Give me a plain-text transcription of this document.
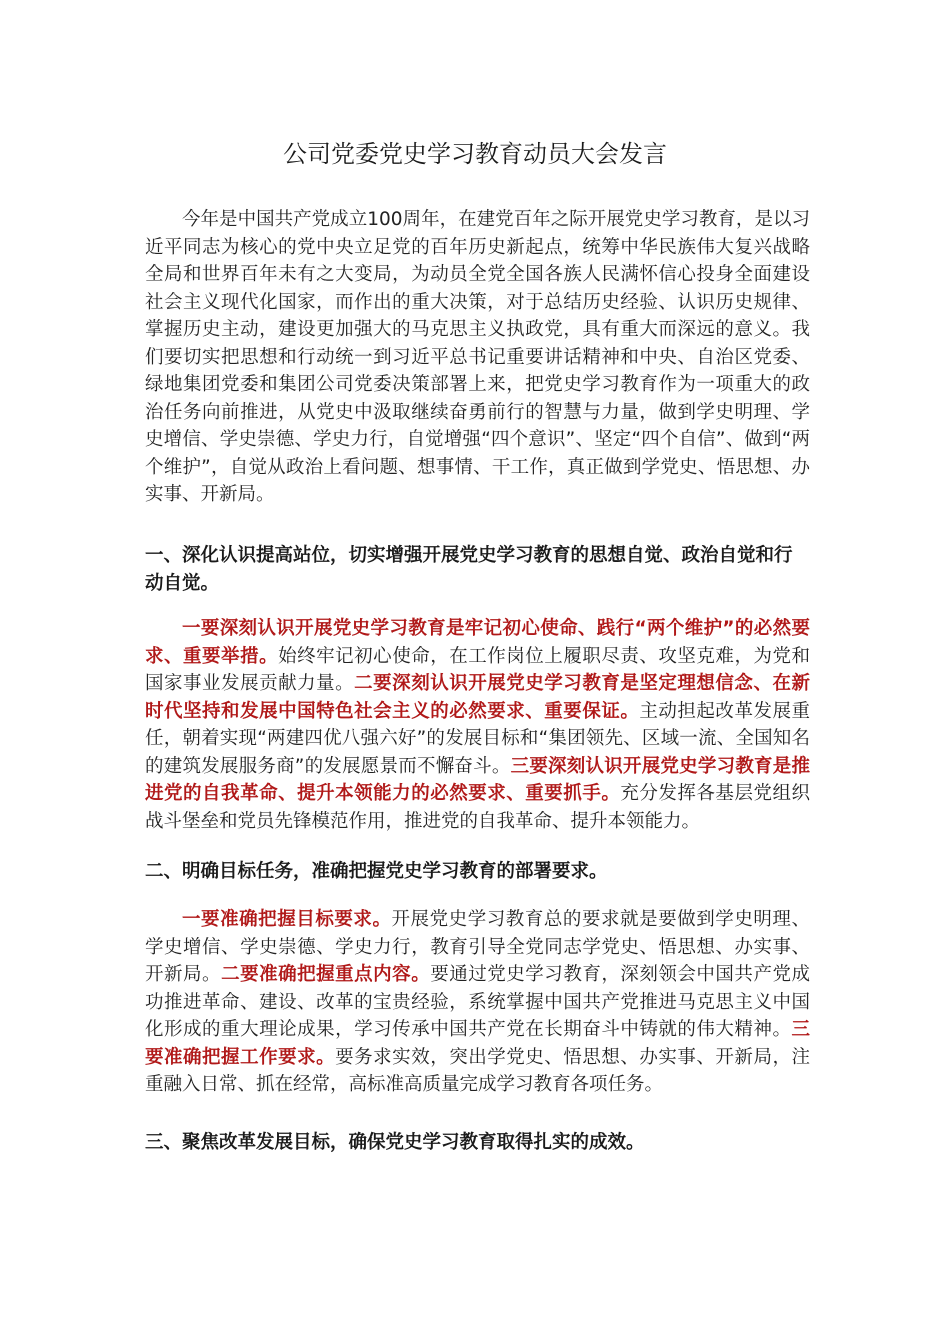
公司党委党史学习教育动员大会发言

今年是中国共产党成立100周年，在建党百年之际开展党史学习教育，是以习近平同志为核心的党中央立足党的百年历史新起点，统筹中华民族伟大复兴战略全局和世界百年未有之大变局，为动员全党全国各族人民满怀信心投身全面建设社会主义现代化国家，而作出的重大决策，对于总结历史经验、认识历史规律、掌握历史主动，建设更加强大的马克思主义执政党，具有重大而深远的意义。我们要切实把思想和行动统一到习近平总书记重要讲话精神和中央、自治区党委、绿地集团党委和集团公司党委决策部署上来，把党史学习教育作为一项重大的政治任务向前推进，从党史中汲取继续奋勇前行的智慧与力量，做到学史明理、学史增信、学史崇德、学史力行，自觉增强“四个意识”、坚定“四个自信”、做到“两个维护”，自觉从政治上看问题、想事情、干工作，真正做到学党史、悟思想、办实事、开新局。

一、深化认识提高站位，切实增强开展党史学习教育的思想自觉、政治自觉和行动自觉。

一要深刻认识开展党史学习教育是牢记初心使命、践行“两个维护”的必然要求、重要举措。始终牢记初心使命，在工作岗位上履职尽责、攻坚克难，为党和国家事业发展贡献力量。二要深刻认识开展党史学习教育是坚定理想信念、在新时代坚持和发展中国特色社会主义的必然要求、重要保证。主动担起改革发展重任，朝着实现“两建四优八强六好”的发展目标和“集团领先、区域一流、全国知名的建筑发展服务商”的发展愿景而不懈奋斗。三要深刻认识开展党史学习教育是推进党的自我革命、提升本领能力的必然要求、重要抓手。充分发挥各基层党组织战斗堡垒和党员先锋模范作用，推进党的自我革命、提升本领能力。

二、明确目标任务，准确把握党史学习教育的部署要求。

一要准确把握目标要求。开展党史学习教育总的要求就是要做到学史明理、学史增信、学史崇德、学史力行，教育引导全党同志学党史、悟思想、办实事、开新局。二要准确把握重点内容。要通过党史学习教育，深刻领会中国共产党成功推进革命、建设、改革的宝贵经验，系统掌握中国共产党推进马克思主义中国化形成的重大理论成果，学习传承中国共产党在长期奋斗中铸就的伟大精神。三要准确把握工作要求。要务求实效，突出学党史、悟思想、办实事、开新局，注重融入日常、抓在经常，高标准高质量完成学习教育各项任务。

三、聚焦改革发展目标，确保党史学习教育取得扎实的成效。
